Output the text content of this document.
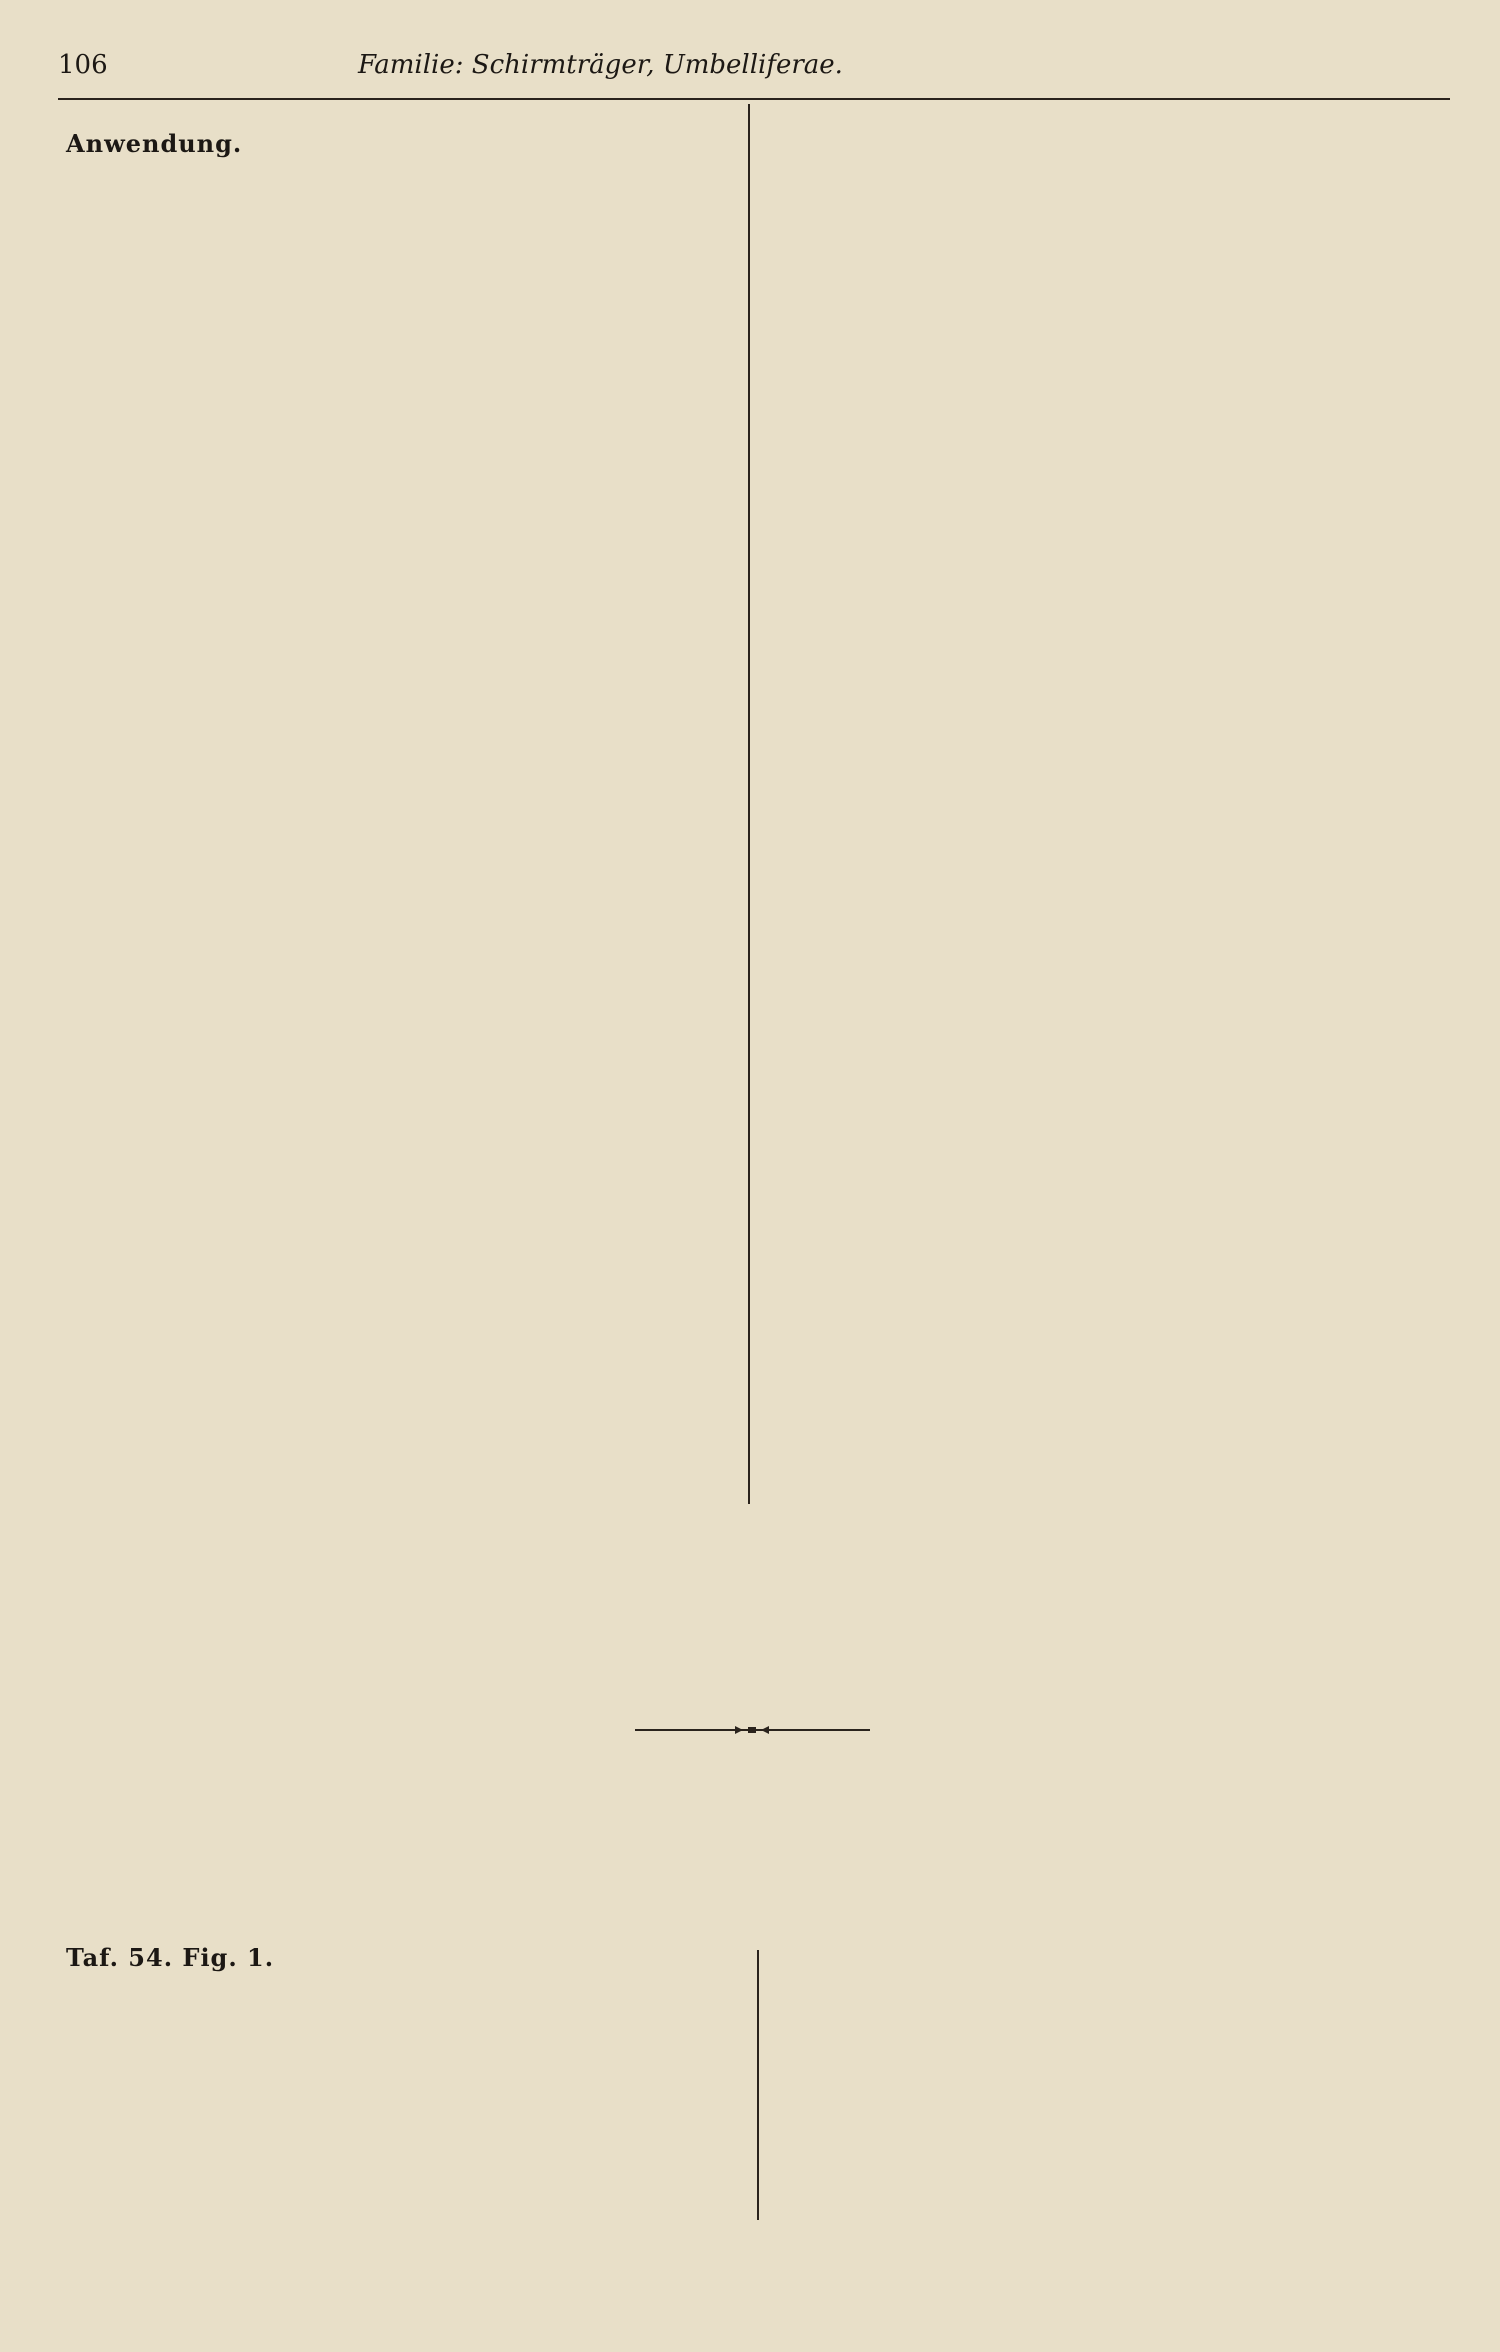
106	Familie: Schirmträger, Umbelliferae.

Anwendung.

Taf. 54. Fig. 1.
